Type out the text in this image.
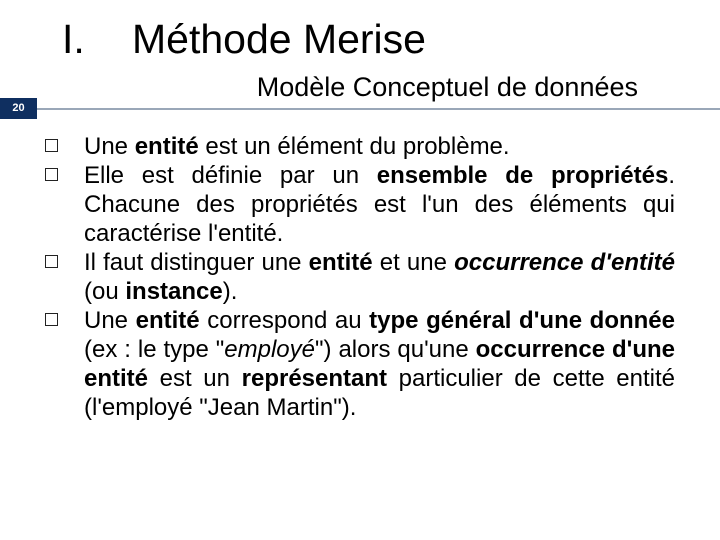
I. Méthode Merise
Modèle Conceptuel de données
20
Une entité est un élément du problème.
Elle est définie par un ensemble de propriétés. Chacune des propriétés est l'un des éléments qui caractérise l'entité.
Il faut distinguer une entité et une occurrence d'entité (ou instance).
Une entité correspond au type général d'une donnée (ex : le type "employé") alors qu'une occurrence d'une entité est un représentant particulier de cette entité (l'employé "Jean Martin").
